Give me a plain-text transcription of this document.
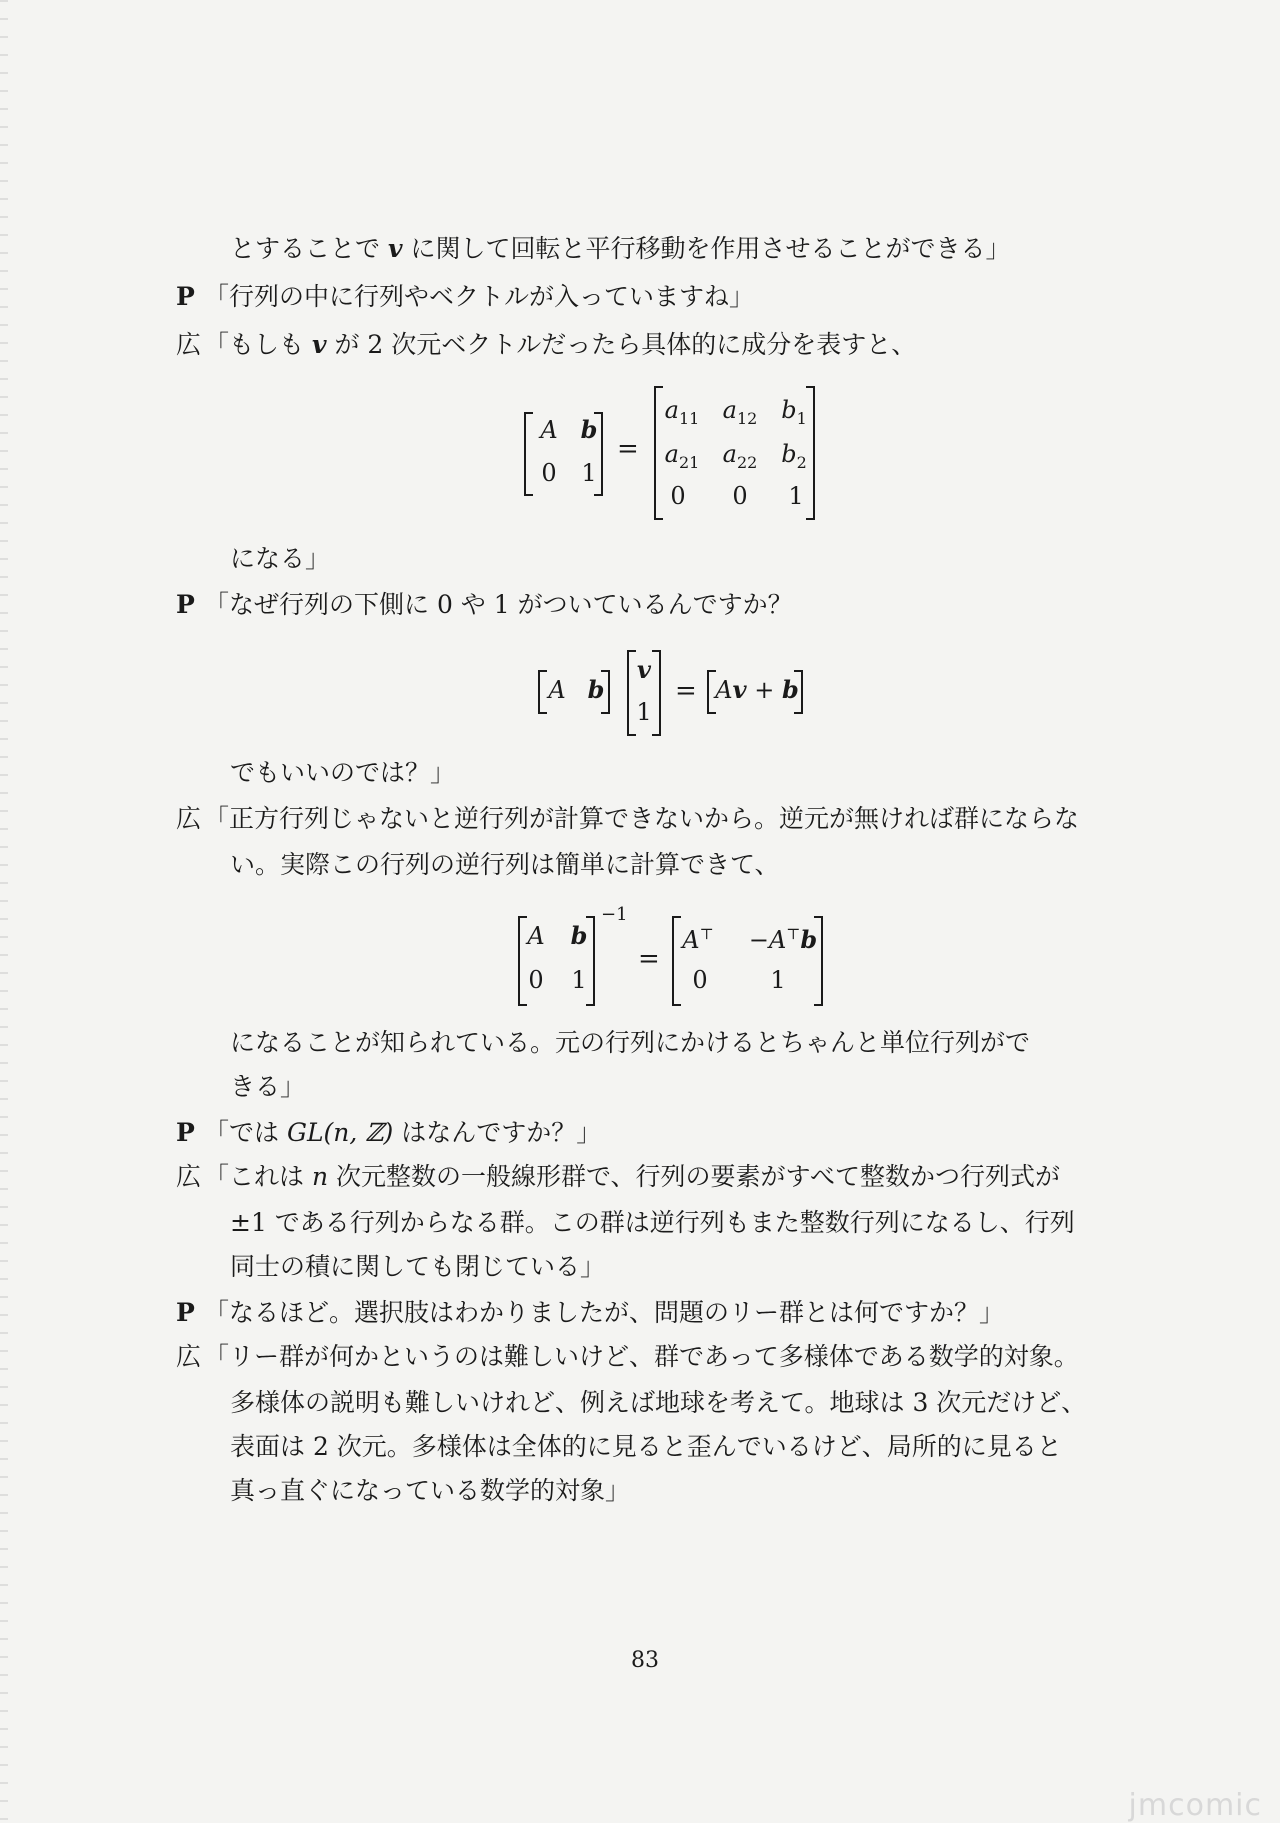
とすることで v に関して回転と平行移動を作用させることができる」
P 「行列の中に行列やベクトルが入っていますね」
広 「もしも v が 2 次元ベクトルだったら具体的に成分を表すと、
A b
0	1
=
$a_{11}$ $a_{12}$ $b_1$
$a_{21}$ $a_{22}$ $b_2$
0	0	1
になる」
P 「なぜ行列の下側に 0 や 1 がついているんですか？
A b
v
1
= Av + b
でもいいのでは？」
広 「正方行列じゃないと逆行列が計算できないから。逆元が無ければ群にならな
い。実際この行列の逆行列は簡単に計算できて、
A b
0 1
−1
=
A⊤	−A⊤b
0	1
になることが知られている。元の行列にかけるとちゃんと単位行列がで
きる」
P 「では GL(n, ℤ) はなんですか？」
広 「これは n 次元整数の一般線形群で、行列の要素がすべて整数かつ行列式が
±1 である行列からなる群。この群は逆行列もまた整数行列になるし、行列
同士の積に関しても閉じている」
P 「なるほど。選択肢はわかりましたが、問題のリー群とは何ですか？」
広 「リー群が何かというのは難しいけど、群であって多様体である数学的対象。
多様体の説明も難しいけれど、例えば地球を考えて。地球は 3 次元だけど、
表面は 2 次元。多様体は全体的に見ると歪んでいるけど、局所的に見ると
真っ直ぐになっている数学的対象」
83
jmcomic
